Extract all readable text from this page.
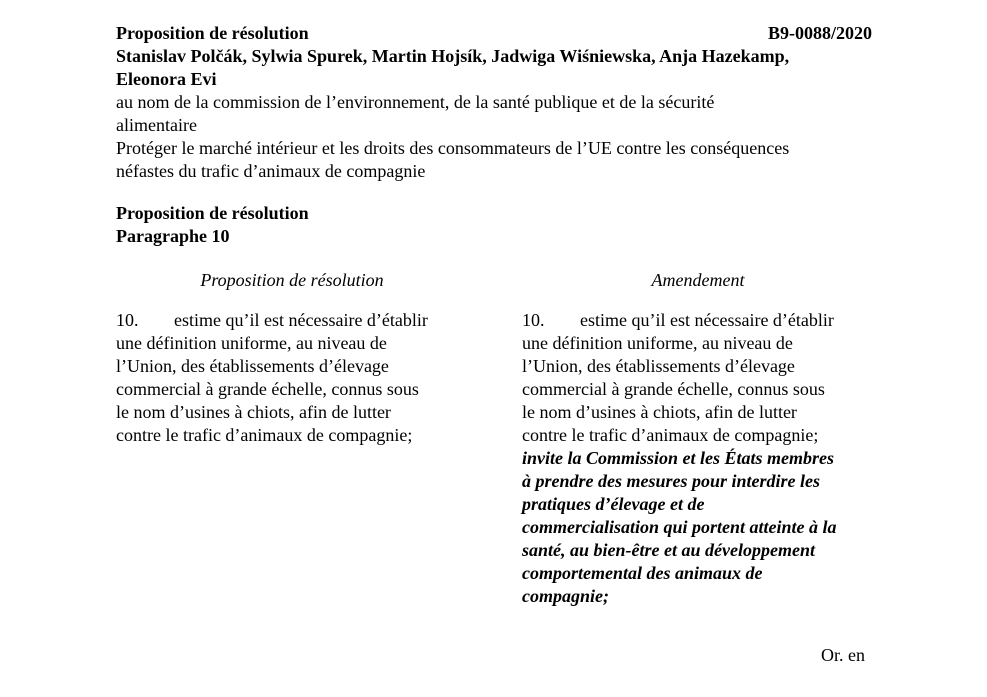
Proposition de résolution	B9-0088/2020
Stanislav Polčák, Sylwia Spurek, Martin Hojsík, Jadwiga Wiśniewska, Anja Hazekamp,
Eleonora Evi
au nom de la commission de l’environnement, de la santé publique et de la sécurité
alimentaire
Protéger le marché intérieur et les droits des consommateurs de l’UE contre les conséquences
néfastes du trafic d’animaux de compagnie
Proposition de résolution
Paragraphe 10
Proposition de résolution
10. estime qu’il est nécessaire d’établir
une définition uniforme, au niveau de
l’Union, des établissements d’élevage
commercial à grande échelle, connus sous
le nom d’usines à chiots, afin de lutter
contre le trafic d’animaux de compagnie;
Amendement
10. estime qu’il est nécessaire d’établir
une définition uniforme, au niveau de
l’Union, des établissements d’élevage
commercial à grande échelle, connus sous
le nom d’usines à chiots, afin de lutter
contre le trafic d’animaux de compagnie;
invite la Commission et les États membres
à prendre des mesures pour interdire les
pratiques d’élevage et de
commercialisation qui portent atteinte à la
santé, au bien-être et au développement
comportemental des animaux de
compagnie;
Or. en
